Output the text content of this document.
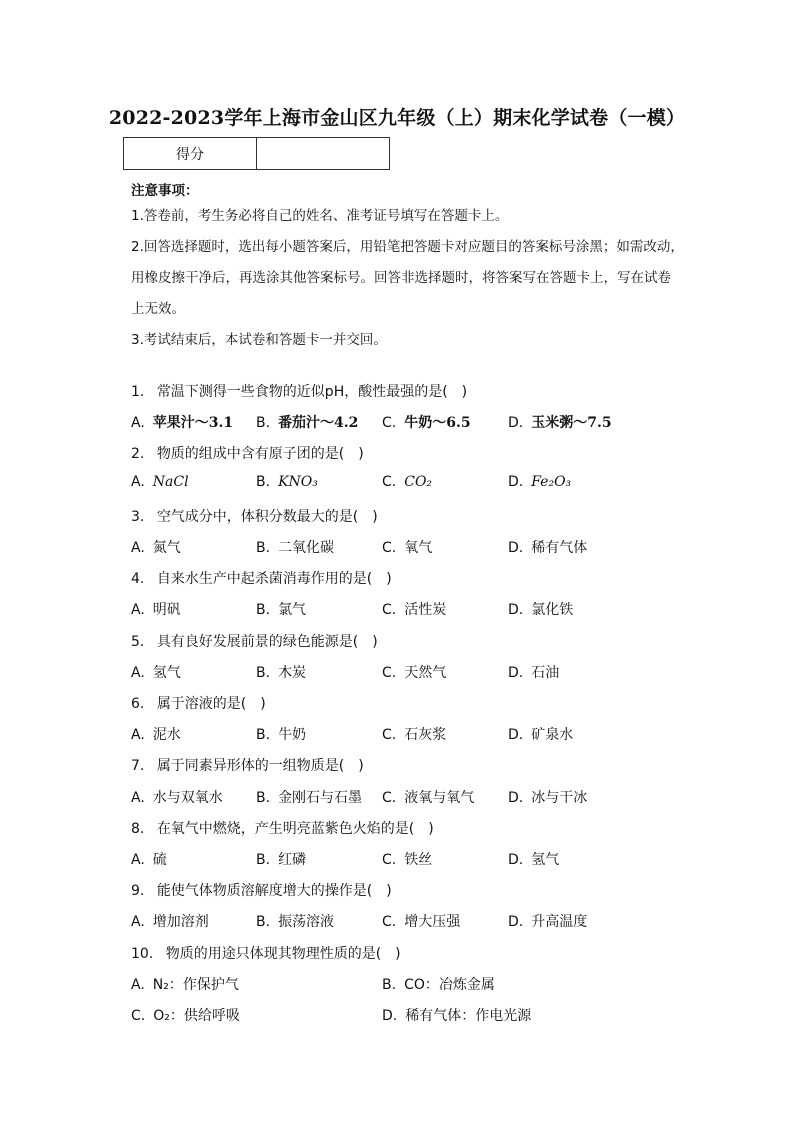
2022-2023学年上海市金山区九年级（上）期末化学试卷（一模）
得分	
注意事项：
1.答卷前，考生务必将自己的姓名、准考证号填写在答题卡上。
2.回答选择题时，选出每小题答案后，用铅笔把答题卡对应题目的答案标号涂黑；如需改动，
用橡皮擦干净后，再选涂其他答案标号。回答非选择题时，将答案写在答题卡上，写在试卷
上无效。
3.考试结束后，本试卷和答题卡一并交回。
1. 常温下测得一些食物的近似pH，酸性最强的是(　)
A. 苹果汁～3.1 B. 番茄汁～4.2 C. 牛奶～6.5	D. 玉米粥～7.5
2. 物质的组成中含有原子团的是(　)
A. NaCl	B. KNO₃	C. CO₂	D. Fe₂O₃
3. 空气成分中，体积分数最大的是(　)
A. 氮气	B. 二氧化碳	C. 氧气	D. 稀有气体
4. 自来水生产中起杀菌消毒作用的是(　)
A. 明矾	B. 氯气	C. 活性炭	D. 氯化铁
5. 具有良好发展前景的绿色能源是(　)
A. 氢气	B. 木炭	C. 天然气	D. 石油
6. 属于溶液的是(　)
A. 泥水	B. 牛奶	C. 石灰浆	D. 矿泉水
7. 属于同素异形体的一组物质是(　)
A. 水与双氧水 B. 金刚石与石墨 C. 液氧与氧气 D. 冰与干冰
8. 在氧气中燃烧，产生明亮蓝紫色火焰的是(　)
A. 硫	B. 红磷	C. 铁丝	D. 氢气
9. 能使气体物质溶解度增大的操作是(　)
A. 增加溶剂	B. 振荡溶液	C. 增大压强	D. 升高温度
10. 物质的用途只体现其物理性质的是(　)
A. N₂：作保护气	B. CO：冶炼金属
C. O₂：供给呼吸	D. 稀有气体：作电光源
